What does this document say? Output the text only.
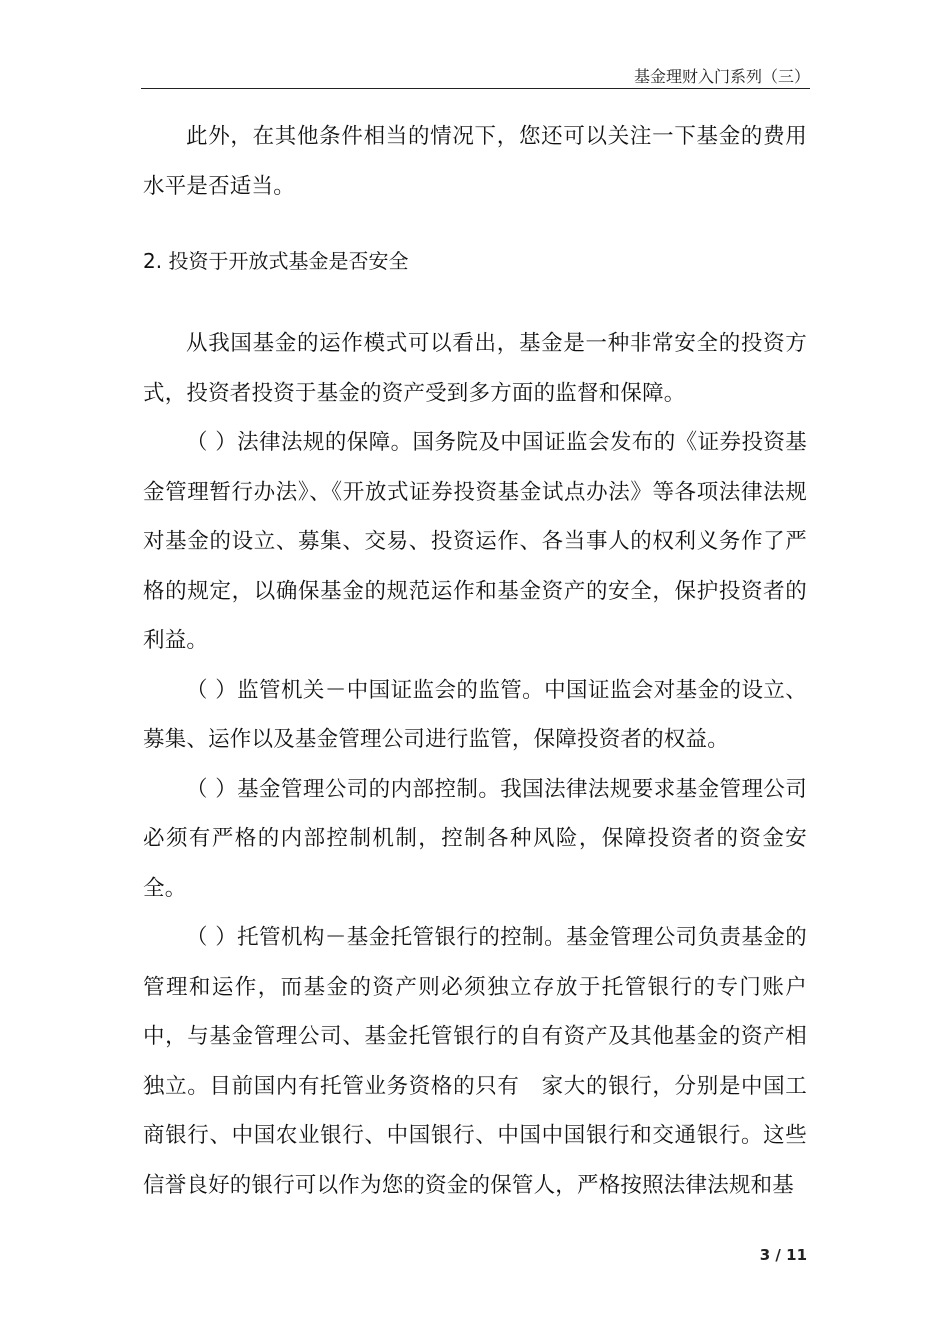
基金理财入门系列（三）

此外，在其他条件相当的情况下，您还可以关注一下基金的费用水平是否适当。

2. 投资于开放式基金是否安全

从我国基金的运作模式可以看出，基金是一种非常安全的投资方式，投资者投资于基金的资产受到多方面的监督和保障。

（ ）法律法规的保障。国务院及中国证监会发布的《证券投资基金管理暂行办法》、《开放式证券投资基金试点办法》等各项法律法规对基金的设立、募集、交易、投资运作、各当事人的权利义务作了严格的规定，以确保基金的规范运作和基金资产的安全，保护投资者的利益。

（ ）监管机关－中国证监会的监管。中国证监会对基金的设立、募集、运作以及基金管理公司进行监管，保障投资者的权益。

（ ）基金管理公司的内部控制。我国法律法规要求基金管理公司必须有严格的内部控制机制，控制各种风险，保障投资者的资金安全。

（ ）托管机构－基金托管银行的控制。基金管理公司负责基金的管理和运作，而基金的资产则必须独立存放于托管银行的专门账户中，与基金管理公司、基金托管银行的自有资产及其他基金的资产相独立。目前国内有托管业务资格的只有　家大的银行，分别是中国工商银行、中国农业银行、中国银行、中国中国银行和交通银行。这些信誉良好的银行可以作为您的资金的保管人，严格按照法律法规和基

3 / 11
